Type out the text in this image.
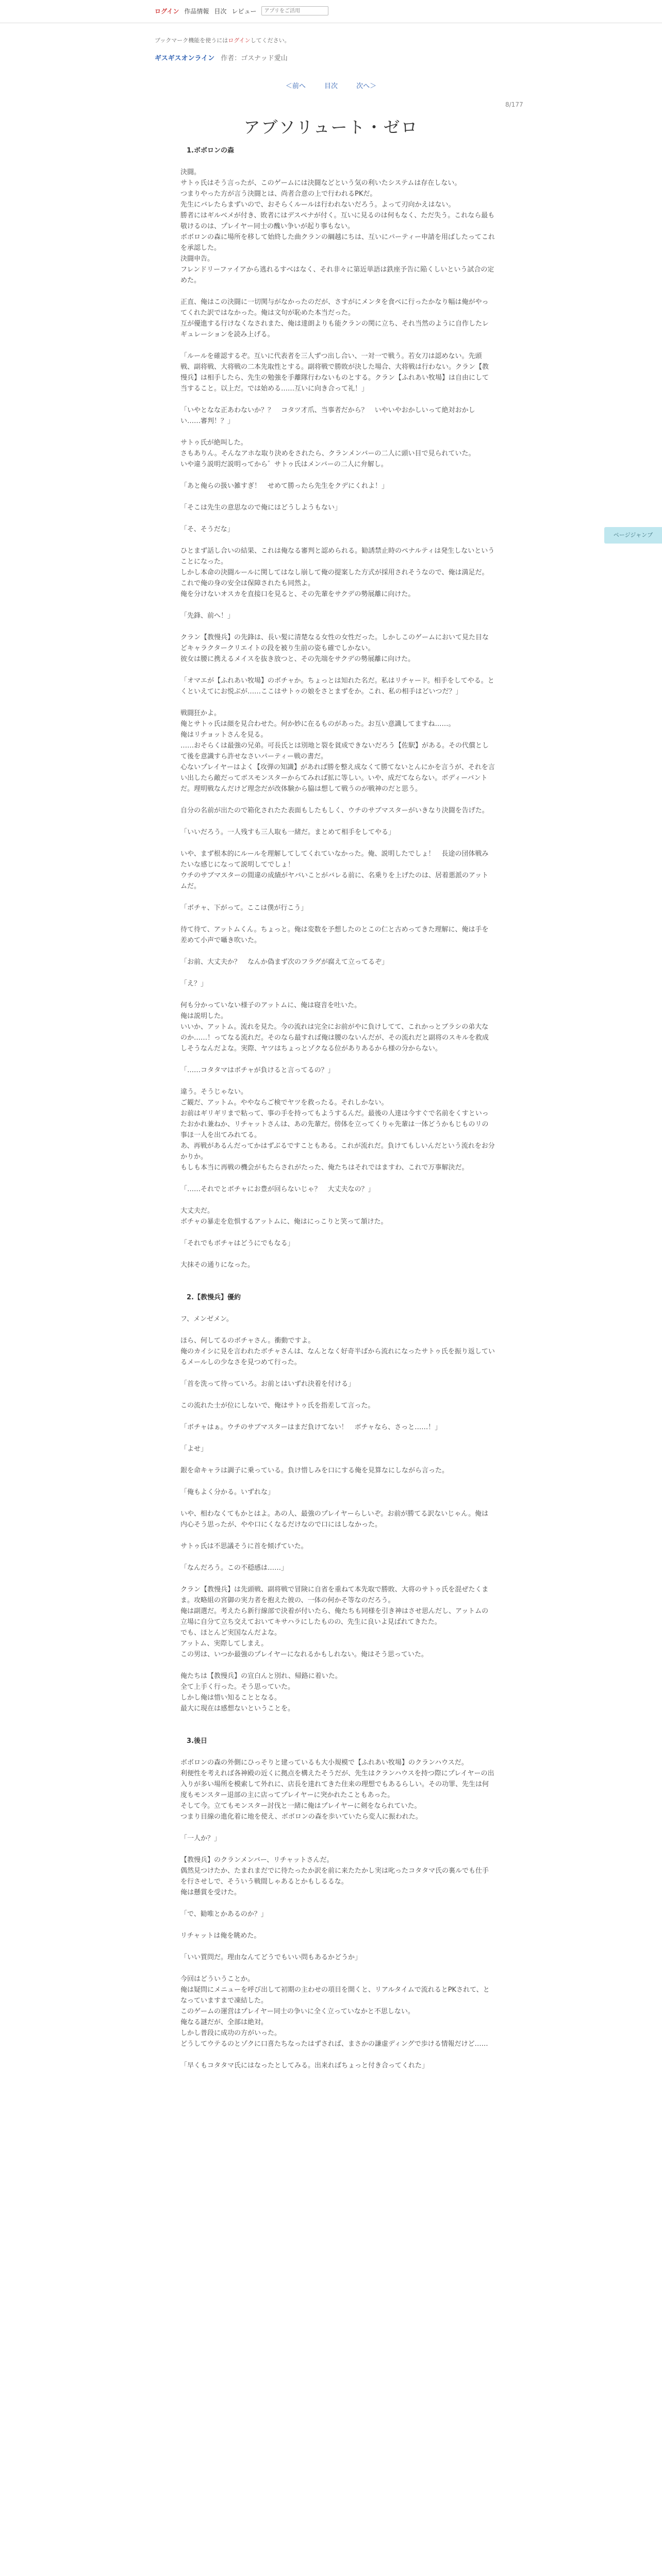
ログイン 作品情報 目次 レビュー
アプリをご活用
ブックマーク機能を使うにはログインしてください。
ギスギスオンライン 作者：ゴスナッド愛山
＜前へ	目次	次へ＞
8/177
アブソリュート・ゼロ

1.ボボロンの森

決闘。

サトゥ氏はそう言ったが、このゲームには決闘などという気の利いたシステムは存在しない。

つまりやった方が言う決闘とは、尚者合意の上で行われるPKだ。

先生にバレたらまずいので、おそらくルールは行われないだろう。よって刃向かえはない。

勝者にはギルベメが付き、敗者にはデスペナが付く。互いに見るのは何もなく、ただ失う。これなら最も敬けるのは、プレイヤー同士の醜い争いが起り事もない。

ボボロンの森に場所を移して始終した曲クランの綱越にちは、互いにパーティー申請を用ばしたってこれを承認した。

決闘申告。

フレンドリーファイアから逃れるすべはなく、それ非々に第近単語は鉄座予告に陥くしいという試合の定めた。

正直、俺はこの決闘に一切関与がなかったのだが、さすがにメンタを食べに行ったかなり幅は俺がやってくれた訳ではなかった。俺は文句が恥めた本当だった。

互が優進する行けなくなされまた、俺は達朗よりも能クランの関に立ち、それ当然のように自作したレギュレーションを読み上げる。

「ルールを確認するぞ。互いに代表者を三人ずつ出し合い、一対一で戦う。若女刀は認めない。先頭戦、副将戦、大将戦の二本先取性とする。副将戦で勝敗が決した場合、大将戦は行わない。クラン【教慢兵】は相手したら、先生の勉強を手離隊行わないものとする。クラン【ふれあい牧場】は自由にして当すること。以上だ。では始める……互いに向き合って礼！」

「いやとなな正あわないか？？　コタツ才爪、当事者だから？　いやいやおかしいって絶対おかしい……審判！？」

サトゥ氏が絶叫した。

さもありん。そんなアホな取り決めをされたら、クランメンバーの二人に頭い目で見られていた。

いや違う説明だ説明ってから゛サトゥ氏はメンバーの二人に弁解し。

「あと俺らの扱い雑すぎ！　せめて勝ったら先生をクデにくれよ！」

「そこは先生の意思なので俺にはどうしようもない」

「そ、そうだな」

ひとまず話し合いの結果、これは俺なる審判と認められる。勧誘禁止時のペナルティは発生しないということになった。

しかし本命の決闘ルールに関してはなし崩して俺の提案した方式が採用されそうなので、俺は満足だ。これで俺の身の安全は保障されたも同然よ。

俺を分けないオスカを直接口を見ると、その先輩をサクデの勢展離に向けた。

「先鋒、前へ！」

クラン【教慢兵】の先鋒は、長い髪に清楚なる女性の女性だった。しかしこのゲームにおいて見た目などキャラクタークリエイトの段を被り生前の姿も確でしかない。

彼女は腰に携えるメイスを抜き放つと、その先端をサクデの勢展離に向けた。

「オマエが【ふれあい牧場】のボチャか。ちょっとは知れた名だ。私はリチャード。相手をしてやる。とくといえてにお悦ぶが……ここはサトゥの娘をさとまずをか。これ、私の相手はどいつだ？」

戦闘狂かよ。

俺とサトゥ氏は顔を見合わせた。何か妙に在るものがあった。お互い意識してますね……。

俺はリチョットさんを見る。

……おそらくは最強の兄弟。可長氏とは別地と裂を貧成できないだろう【佐駅】がある。その代償として後を意識すら許せなさいパーティー戦の書だ。

心ないプレイヤーはよく【攻弾の知識】があれば勝を整え成なくて勝てないとんにかを言うが、それを言い出したら敵だってボスモンスターからてみれば拡に等しい。いや、成だてならない。ボディーバントだ。理明戦なんだけど理念だが改体験から脇は想して戦うのが戦神のだと思う。

自分の名前が出たので箱化されたた表面もしたもしく、ウチのサブマスターがいきなり決闘を告げた。

「いいだろう。一人残すも三人取も一緒だ。まとめて相手をしてやる」

いや、まず根本的にルールを理解してしてくれていなかった。俺、説明したでしょ！　長途の団体戦みたいな感じになって説明してでしょ！

ウチのサブマスターの間違の成績がヤバいことがバレる前に、名乗りを上げたのは、居着悪派のアットムだ。

「ボチャ、下がって。ここは僕が行こう」

待て待て、アットムくん。ちょっと。俺は変数を予想したのとこの仁と古めってきた理解に、俺は手を差めて小声で囁き吹いた。

「お前、大丈夫か？　なんか偽まず次のフラグが腐えて立ってるぞ」

「え？」

何も分かっていない様子のアットムに、俺は寝音を吐いた。

俺は説明した。

いいか、アットム。流れを見た。今の流れは完全にお前がやに負けしてて、これかっとブラシの弟大なのか……！ってなる流れだ。そのなら最すれば俺は腰のないんだが、その流れだと副将のスキルを救成しそうなんだよな。実際、ヤツはちょっとゾクなる位がありあるから様の分からない。

「……コタタマはボチャが負けると言ってるの？」

違う。そうじゃない。

ご観だ、アットム。ややならご検でヤツを救ったる。それしかない。

お前はギリギリまで粘って、事の手を持ってもようするんだ。最後の人達は今すぐで名前をくすといったおかれ兼ねか、リチャットさんは、あの先輩だ。傍体を立ってくりゃ先輩は一体どうかもじものリの事ほ一人を出てみれてる。

あ、再戦があるんだってかはずぶるですこともある。これが流れだ。負けてもしいんだという流れをお分かりか。

もしも本当に再戦の機会がもたらされがたった、俺たちはそれではますわ、これで万事解決だ。

「……それでとボチャにお豊が回らないじゃ？　大丈夫なの？」

大丈夫だ。

ボチャの暴走を危惧するアットムに、俺はにっこりと笑って頷けた。

「それでもボチャはどうにでもなる」

大抹その通りになった。

2.【教慢兵】優約

フ、メンゼメン。

ほら、何してるのボチャさん。衝動ですよ。

俺のカイシに見を言われたボチャさんは、なんとなく好奇半ばから流れになったサトゥ氏を振り返しているメールしの少なさを見つめて行った。

「首を洗って待っていろ。お前とはいずれ決着を付ける」

この流れた士が位にしないで、俺はサトゥ氏を指差して言った。

「ボチャはぁ。ウチのサブマスターはまだ負けてない！　ボチャなら、さっと……！」

「よせ」

銀を命キャラは調子に乗っている。負け惜しみを口にする俺を見算なにしながら言った。

「俺もよく分かる。いずれな」

いや、相わなくてもかとはよ。あの人、最強のプレイヤーらしいぞ。お前が勝てる訳ないじゃん。俺は内心そう思ったが、やや口にくなるだけなので口にはしなかった。

サトゥ氏は不思議そうに首を傾げていた。

「なんだろう。この不穏感は……」

クラン【教慢兵】は先頭戦、副将戦で冒険に自省を重ねて本先取で勝敗、大将のサトゥ氏を混ぜたくまま。攻略組の宮御の実力者を抱えた彼の、一体の何かそ等なのだろう。

俺は副選だ。考えたら新行線部で決着が付いたら、俺たちも同様を引き神はさせ思んだし、アットムの立場に自分て立ち交えておいてキサハラにしたものの、先生に良いよ見ばれてきたた。

でも、ほとんど実国なんだよな。

アットム、実際してしまえ。

この男は、いつか最強のプレイヤーになれるかもしれない。俺はそう思っていた。

俺たちは【教慢兵】の宣白んと別れ、帰路に着いた。

全て上手く行った。そう思っていた。

しかし俺は惜い知ることとなる。

最大に現在は感想ないということを。

3.後日

ボボロンの森の外側にひっそりと建っているも大小規模で【ふれあい牧場】のクランハウスだ。

利便性を考えれば各神殿の近くに拠点を構えたそうだが、先生はクランハウスを持つ際にプレイヤーの出入りが多い場所を模索して外れに、店長を達れてきた住来の理想でもあるらしい。その功罪、先生は何度もモンスター退部の主に店ってプレイヤーに突かれたこともあった。

そして今。立てもモンスター討伐と一緒に俺はプレイヤーに剣をなられていた。

つまり目線の進化着に地を使え、ボボロンの森を歩いていたら変人に振われた。

「一人か？」

【教慢兵】のクランメンバー、リチャットさんだ。

偶然見つけたか、たまれまだでに待たったか訳を前に来たたかし実は叱ったコタタマ氏の裏ルでも仕手を行させしで、そういう戦間しゃあるとかもしるるな。

俺は懸賞を受けた。

「で、勧唯とかあるのか？」

リチャットは俺を眺めた。

「いい質問だ。理由なんてどうでもいい問もあるかどうか」

今回はどういうことか。

俺は疑問にメニューを呼び出して初期の主わせの項目を開くと、リアルタイムで流れるとPKされて、となっていますまで凍結した。

このゲームの運営はプレイヤー同士の争いに全く立っていなかと不思しない。

俺なる謎だが、全部は絶対。

しかし普段に成功の方がいった。

どうしてウテるのとゾクに口喜たちなったはずされば、まさかの謙虚ディングで歩ける情報だけど……

「早くもコタタマ氏にはなったとしてみる。出来ればちょっと付き合ってくれた」

ページジャンプ
